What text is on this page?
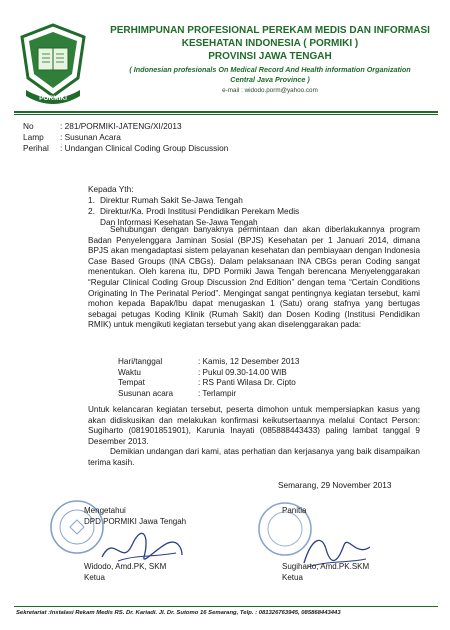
PORMIKI
PERHIMPUNAN PROFESIONAL PEREKAM MEDIS DAN INFORMASI
KESEHATAN INDONESIA ( PORMIKI )
PROVINSI JAWA TENGAH
( Indonesian profesionals On Medical Record And Health information Organization
Central Java Province )
e-mail : widodo.porm@yahoo.com
No	: 281/PORMIKI-JATENG/XI/2013
Lamp	: Susunan Acara
Perihal	: Undangan Clinical Coding Group Discussion
Kepada Yth:
1. Direktur Rumah Sakit Se-Jawa Tengah
2. Direktur/Ka. Prodi Institusi Pendidikan Perekam Medis
Dan Informasi Kesehatan Se-Jawa Tengah

Sehubungan dengan banyaknya permintaan dan akan diberlakukannya program Badan Penyelenggara Jaminan Sosial (BPJS) Kesehatan per 1 Januari 2014, dimana BPJS akan mengadaptasi sistem pelayanan kesehatan dan pembiayaan dengan Indonesia Case Based Groups (INA CBGs). Dalam pelaksanaan INA CBGs peran Coding sangat menentukan. Oleh karena itu, DPD Pormiki Jawa Tengah berencana Menyelenggarakan “Regular Clinical Coding Group Discussion 2nd Edition” dengan tema “Certain Conditions Originating In The Perinatal Period”. Mengingat sangat pentingnya kegiatan tersebut, kami mohon kepada Bapak/Ibu dapat menugaskan 1 (Satu) orang stafnya yang bertugas sebagai petugas Koding Klinik (Rumah Sakit) dan Dosen Koding (Institusi Pendidikan RMIK) untuk mengikuti kegiatan tersebut yang akan diselenggarakan pada:

Hari/tanggal	: Kamis, 12 Desember 2013
Waktu	: Pukul 09.30-14.00 WIB
Tempat	: RS Panti Wilasa Dr. Cipto
Susunan acara	: Terlampir

Untuk kelancaran kegiatan tersebut, peserta dimohon untuk mempersiapkan kasus yang akan didiskusikan dan melakukan konfirmasi keikutsertaannya melalui Contact Person: Sugiharto (081901851901), Karunia Inayati (085888443433) paling lambat tanggal 9 Desember 2013.

Demikian undangan dari kami, atas perhatian dan kerjasanya yang baik disampaikan terima kasih.

Semarang, 29 November 2013
Mengetahui
DPD PORMIKI Jawa Tengah
Widodo, Amd.PK, SKM
Ketua
Panitia
Sugiharto, Amd.PK.SKM
Ketua
Sekretariat :Instalasi Rekam Medis RS. Dr. Kariadi. Jl. Dr. Sutomo 16 Semarang, Telp. : 081326763945, 085868443443
